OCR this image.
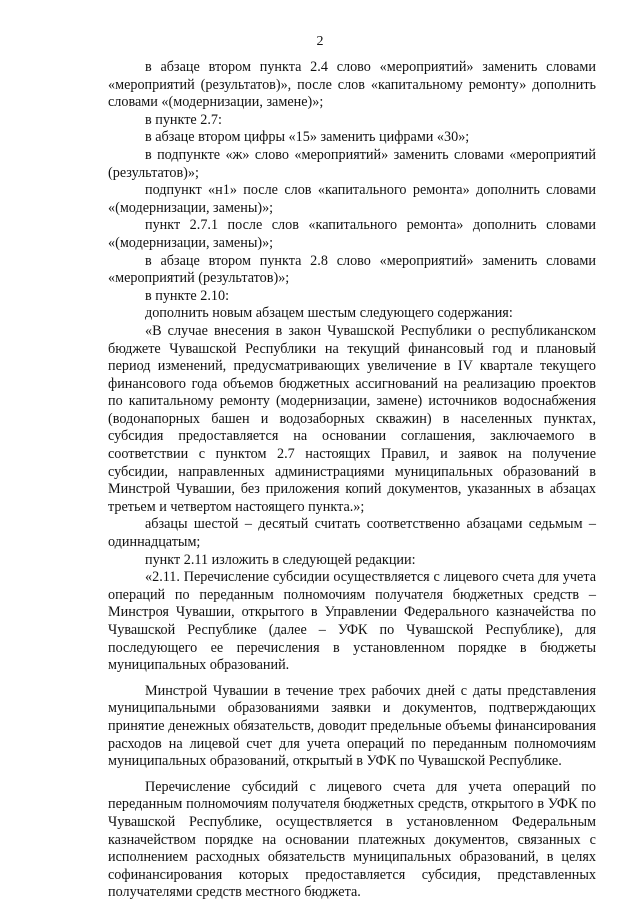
2

в абзаце втором пункта 2.4 слово «мероприятий» заменить словами «мероприятий (результатов)», после слов «капитальному ремонту» дополнить словами «(модернизации, замене)»;

в пункте 2.7:

в абзаце втором цифры «15» заменить цифрами «30»;

в подпункте «ж» слово «мероприятий» заменить словами «мероприятий (результатов)»;

подпункт «н1» после слов «капитального ремонта» дополнить словами «(модернизации, замены)»;

пункт 2.7.1 после слов «капитального ремонта» дополнить словами «(модернизации, замены)»;

в абзаце втором пункта 2.8 слово «мероприятий» заменить словами «мероприятий (результатов)»;

в пункте 2.10:

дополнить новым абзацем шестым следующего содержания:

«В случае внесения в закон Чувашской Республики о республиканском бюджете Чувашской Республики на текущий финансовый год и плановый период изменений, предусматривающих увеличение в IV квартале текущего финансового года объемов бюджетных ассигнований на реализацию проектов по капитальному ремонту (модернизации, замене) источников водоснабжения (водонапорных башен и водозаборных скважин) в населенных пунктах, субсидия предоставляется на основании соглашения, заключаемого в соответствии с пунктом 2.7 настоящих Правил, и заявок на получение субсидии, направленных администрациями муниципальных образований в Минстрой Чувашии, без приложения копий документов, указанных в абзацах третьем и четвертом настоящего пункта.»;

абзацы шестой – десятый считать соответственно абзацами седьмым – одиннадцатым;

пункт 2.11 изложить в следующей редакции:

«2.11. Перечисление субсидии осуществляется с лицевого счета для учета операций по переданным полномочиям получателя бюджетных средств – Минстроя Чувашии, открытого в Управлении Федерального казначейства по Чувашской Республике (далее – УФК по Чувашской Республике), для последующего ее перечисления в установленном порядке в бюджеты муниципальных образований.

Минстрой Чувашии в течение трех рабочих дней с даты представления муниципальными образованиями заявки и документов, подтверждающих принятие денежных обязательств, доводит предельные объемы финансирования расходов на лицевой счет для учета операций по переданным полномочиям муниципальных образований, открытый в УФК по Чувашской Республике.

Перечисление субсидий с лицевого счета для учета операций по переданным полномочиям получателя бюджетных средств, открытого в УФК по Чувашской Республике, осуществляется в установленном Федеральным казначейством порядке на основании платежных документов, связанных с исполнением расходных обязательств муниципальных образований, в целях софинансирования которых предоставляется субсидия, представленных получателями средств местного бюджета.
